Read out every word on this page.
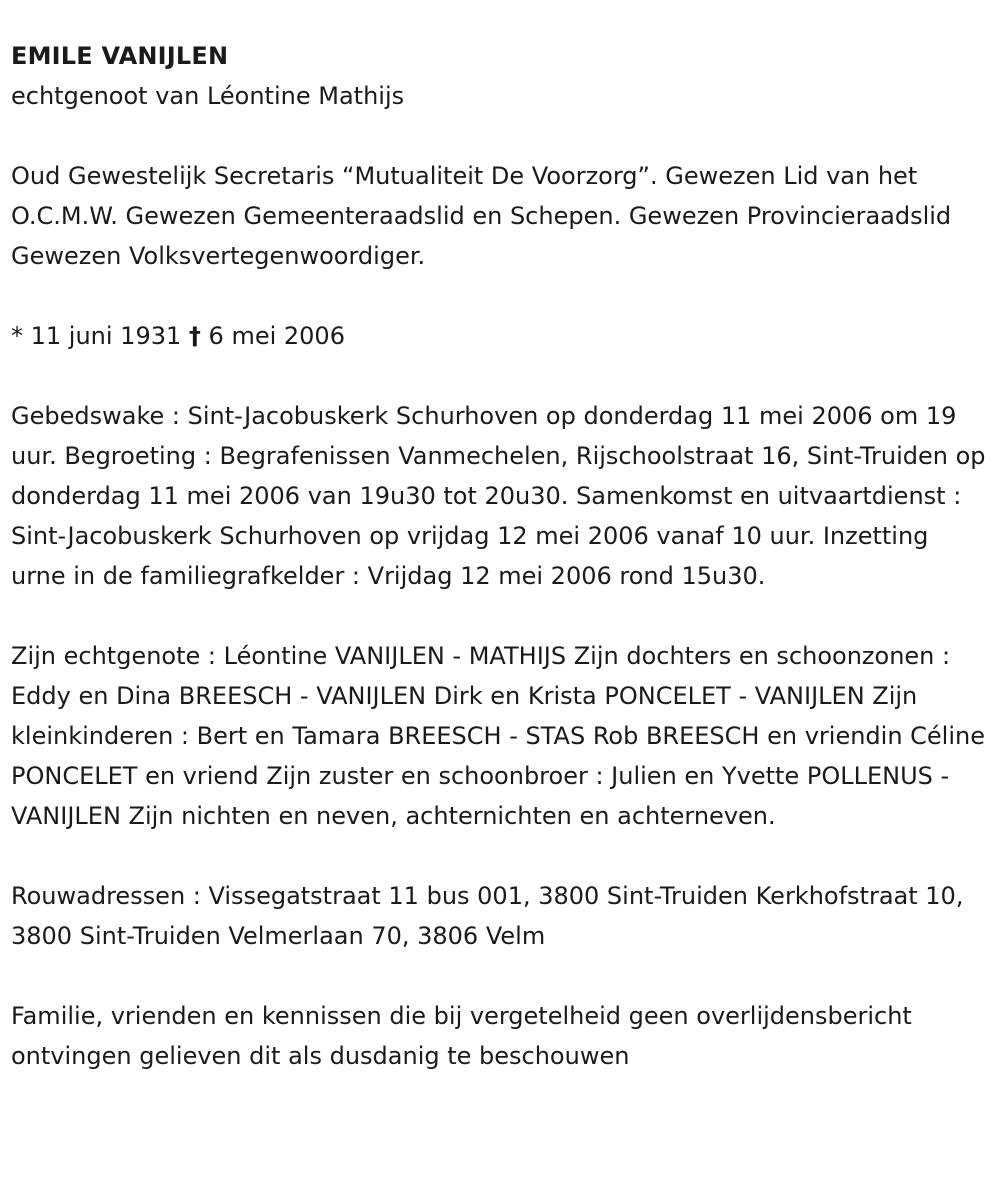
EMILE VANIJLEN
echtgenoot van Léontine Mathijs

Oud Gewestelijk Secretaris “Mutualiteit De Voorzorg”. Gewezen Lid van het O.C.M.W. Gewezen Gemeenteraadslid en Schepen. Gewezen Provincieraadslid Gewezen Volksvertegenwoordiger.

* 11 juni 1931 † 6 mei 2006

Gebedswake : Sint-Jacobuskerk Schurhoven op donderdag 11 mei 2006 om 19 uur. Begroeting : Begrafenissen Vanmechelen, Rijschoolstraat 16, Sint-Truiden op donderdag 11 mei 2006 van 19u30 tot 20u30. Samenkomst en uitvaartdienst : Sint-Jacobuskerk Schurhoven op vrijdag 12 mei 2006 vanaf 10 uur. Inzetting urne in de familiegrafkelder : Vrijdag 12 mei 2006 rond 15u30.

Zijn echtgenote : Léontine VANIJLEN - MATHIJS Zijn dochters en schoonzonen : Eddy en Dina BREESCH - VANIJLEN Dirk en Krista PONCELET - VANIJLEN Zijn kleinkinderen : Bert en Tamara BREESCH - STAS Rob BREESCH en vriendin Céline PONCELET en vriend Zijn zuster en schoonbroer : Julien en Yvette POLLENUS - VANIJLEN Zijn nichten en neven, achternichten en achterneven.

Rouwadressen : Vissegatstraat 11 bus 001, 3800 Sint-Truiden Kerkhofstraat 10, 3800 Sint-Truiden Velmerlaan 70, 3806 Velm

Familie, vrienden en kennissen die bij vergetelheid geen overlijdensbericht ontvingen gelieven dit als dusdanig te beschouwen
